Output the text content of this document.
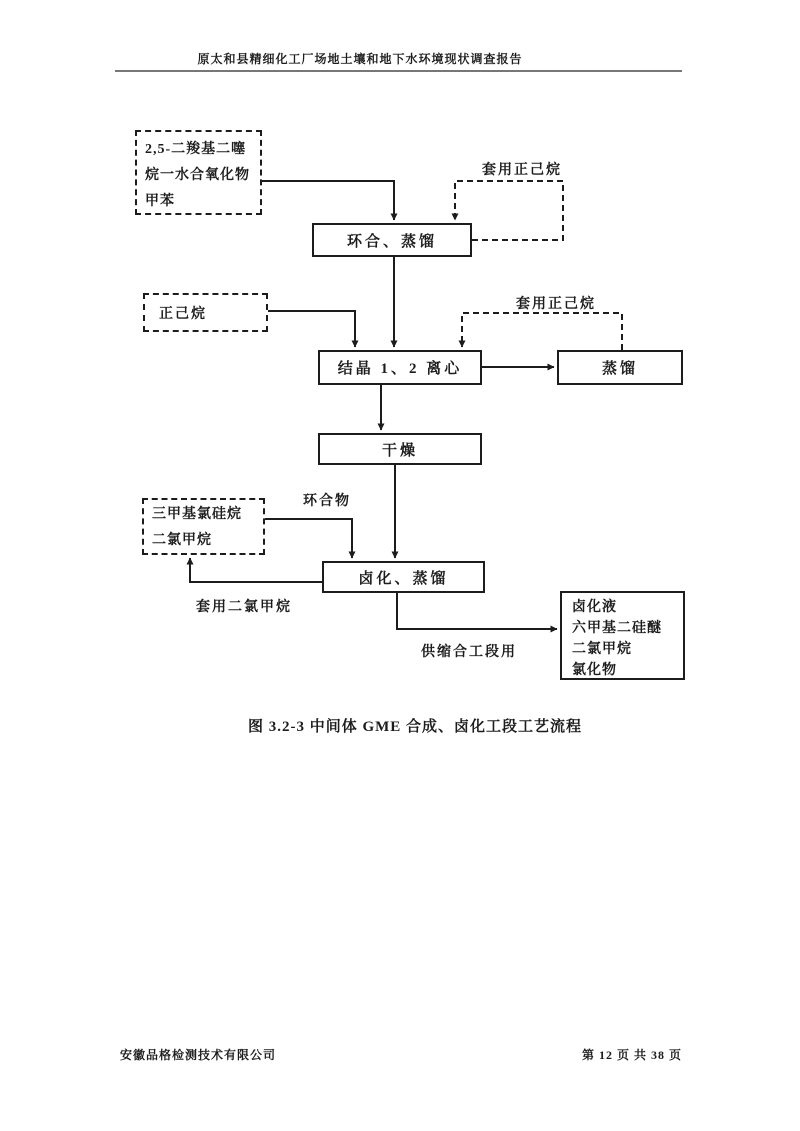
原太和县精细化工厂场地土壤和地下水环境现状调查报告
2,5-二羧基二噻
烷一水合氧化物
甲苯
正己烷
三甲基氯硅烷
二氯甲烷
环合、蒸馏
结晶 1、2 离心	蒸馏
干燥
卤化、蒸馏
卤化液
六甲基二硅醚
二氯甲烷
氯化物
套用正己烷
套用正己烷
环合物
套用二氯甲烷
供缩合工段用
图 3.2-3 中间体 GME 合成、卤化工段工艺流程
安徽品格检测技术有限公司	第 12 页 共 38 页
